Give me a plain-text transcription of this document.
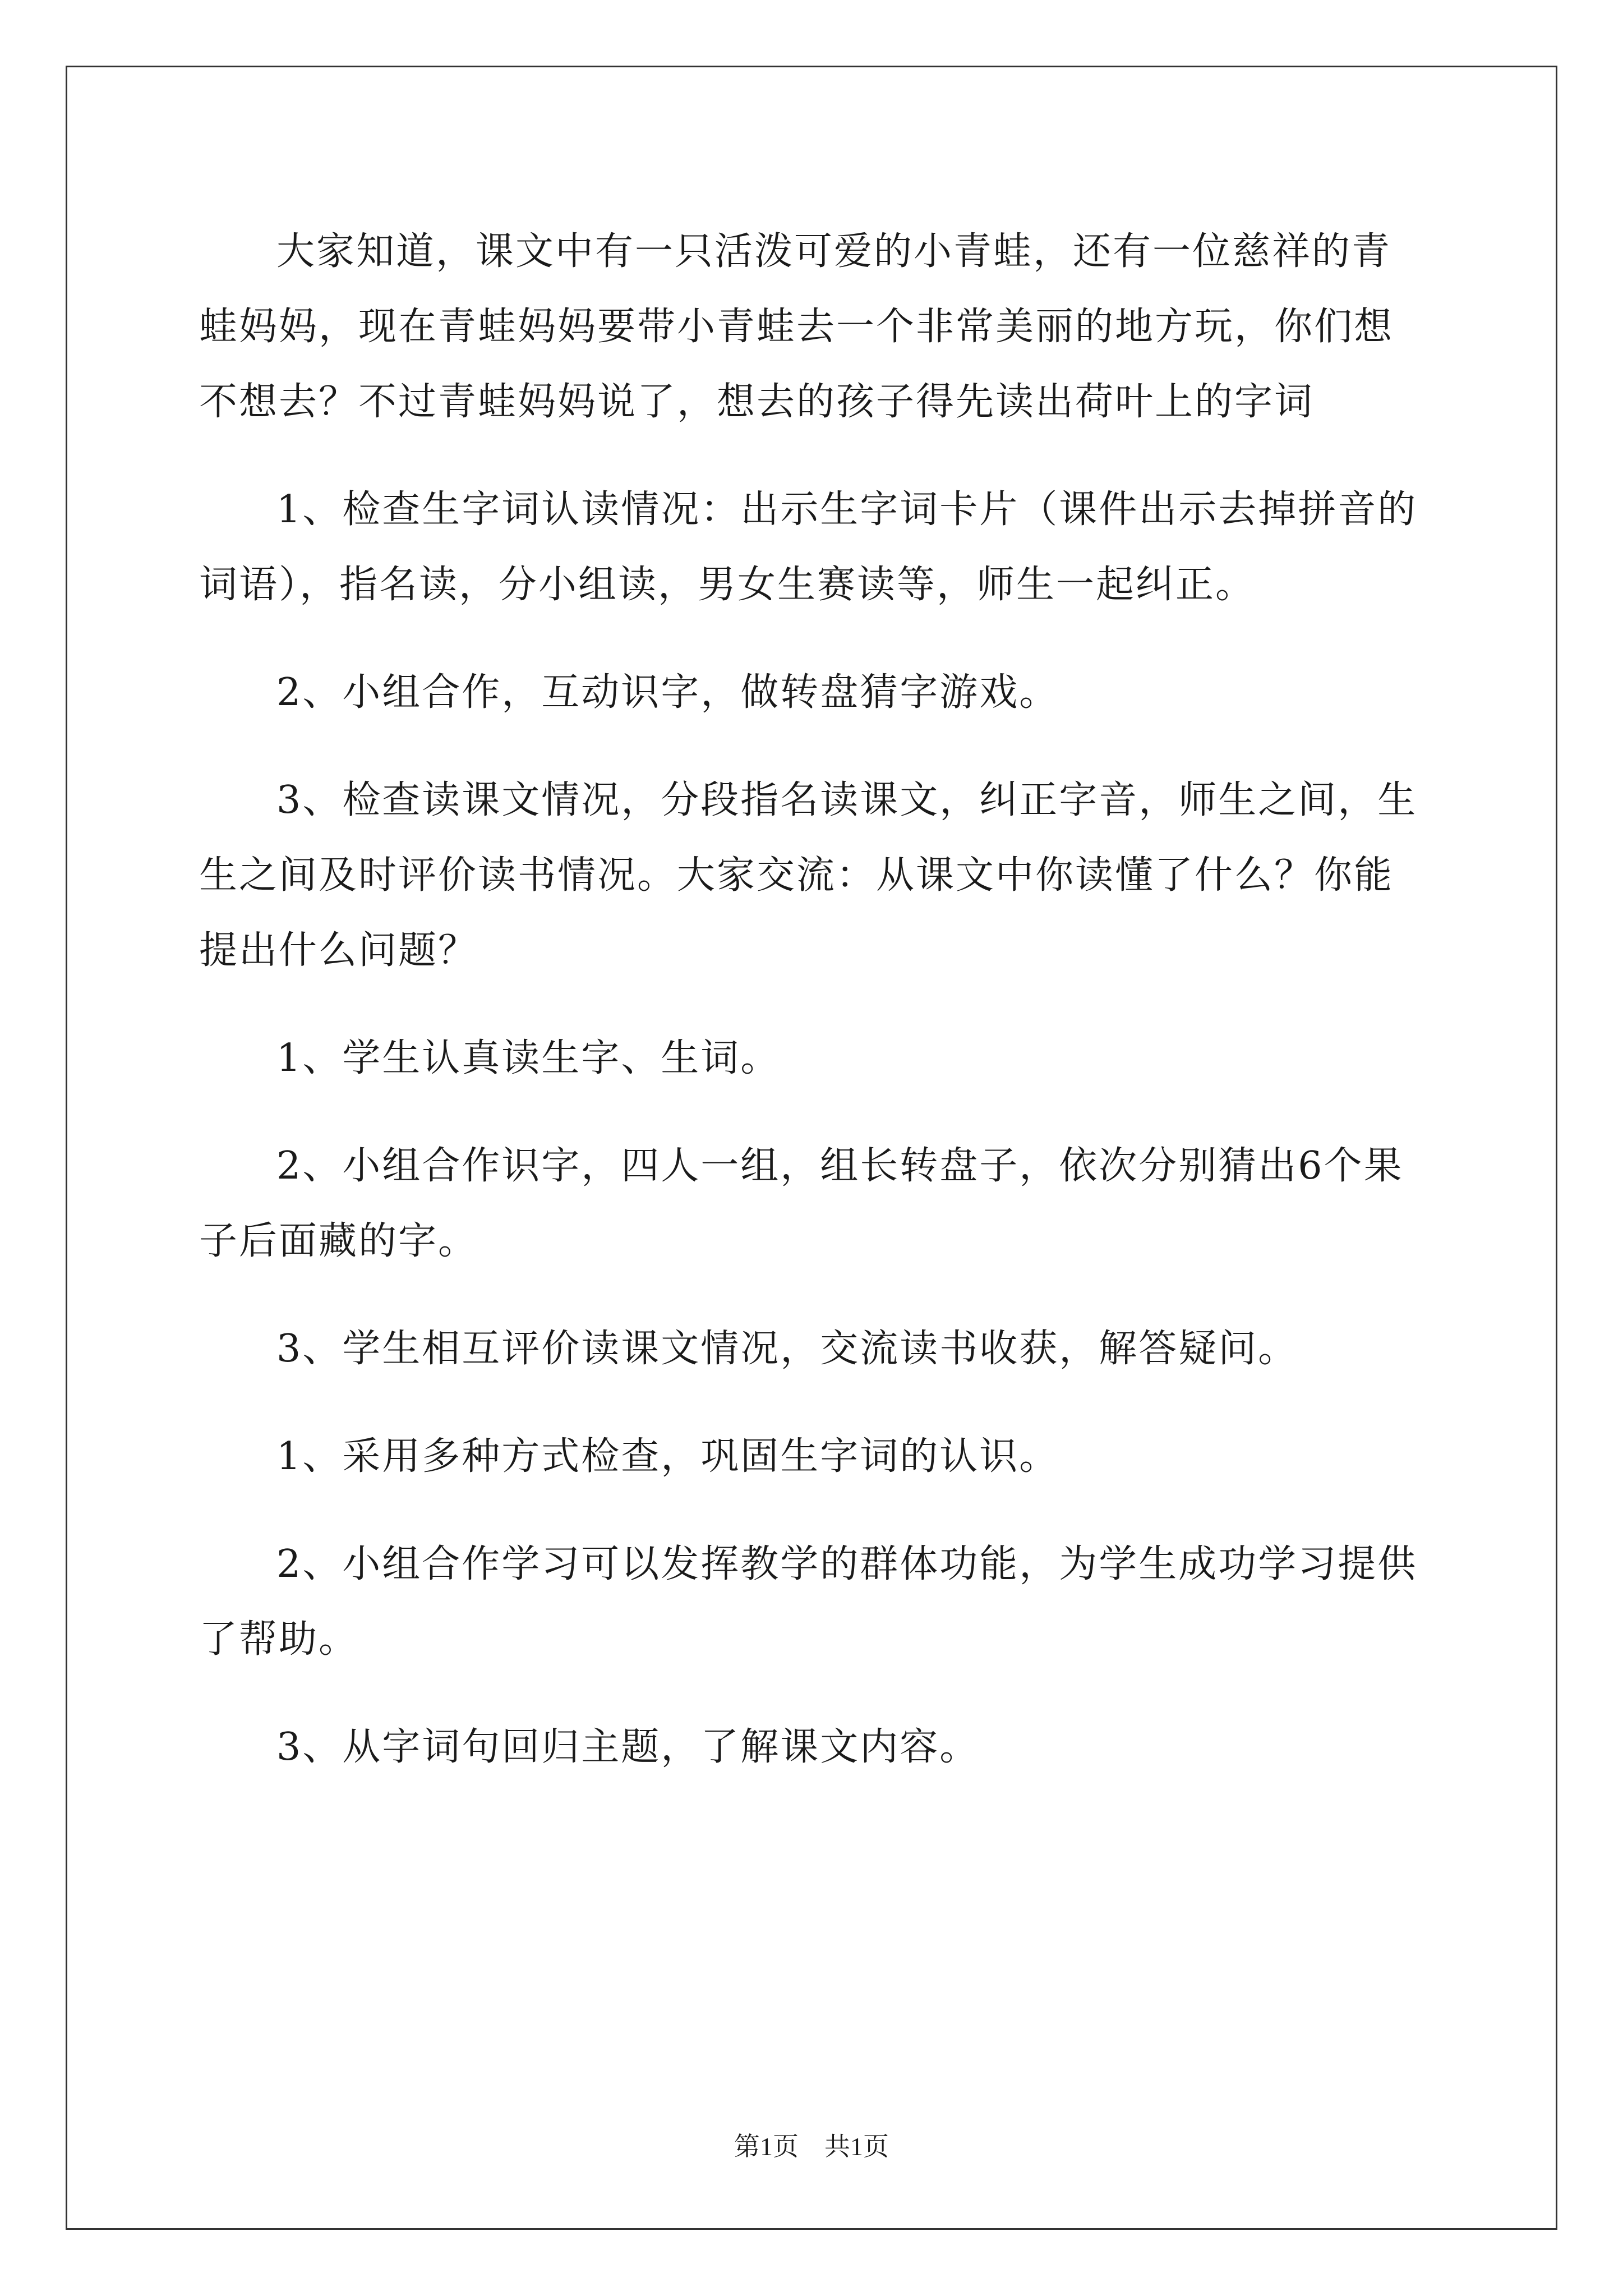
大家知道，课文中有一只活泼可爱的小青蛙，还有一位慈祥的青蛙妈妈，现在青蛙妈妈要带小青蛙去一个非常美丽的地方玩，你们想不想去？不过青蛙妈妈说了，想去的孩子得先读出荷叶上的字词

1、检查生字词认读情况：出示生字词卡片（课件出示去掉拼音的词语），指名读，分小组读，男女生赛读等，师生一起纠正。

2、小组合作，互动识字，做转盘猜字游戏。

3、检查读课文情况，分段指名读课文，纠正字音，师生之间，生生之间及时评价读书情况。大家交流：从课文中你读懂了什么？你能提出什么问题？

1、学生认真读生字、生词。

2、小组合作识字，四人一组，组长转盘子，依次分别猜出6个果子后面藏的字。

3、学生相互评价读课文情况，交流读书收获，解答疑问。

1、采用多种方式检查，巩固生字词的认识。

2、小组合作学习可以发挥教学的群体功能，为学生成功学习提供了帮助。

3、从字词句回归主题，了解课文内容。

第1页 共1页
